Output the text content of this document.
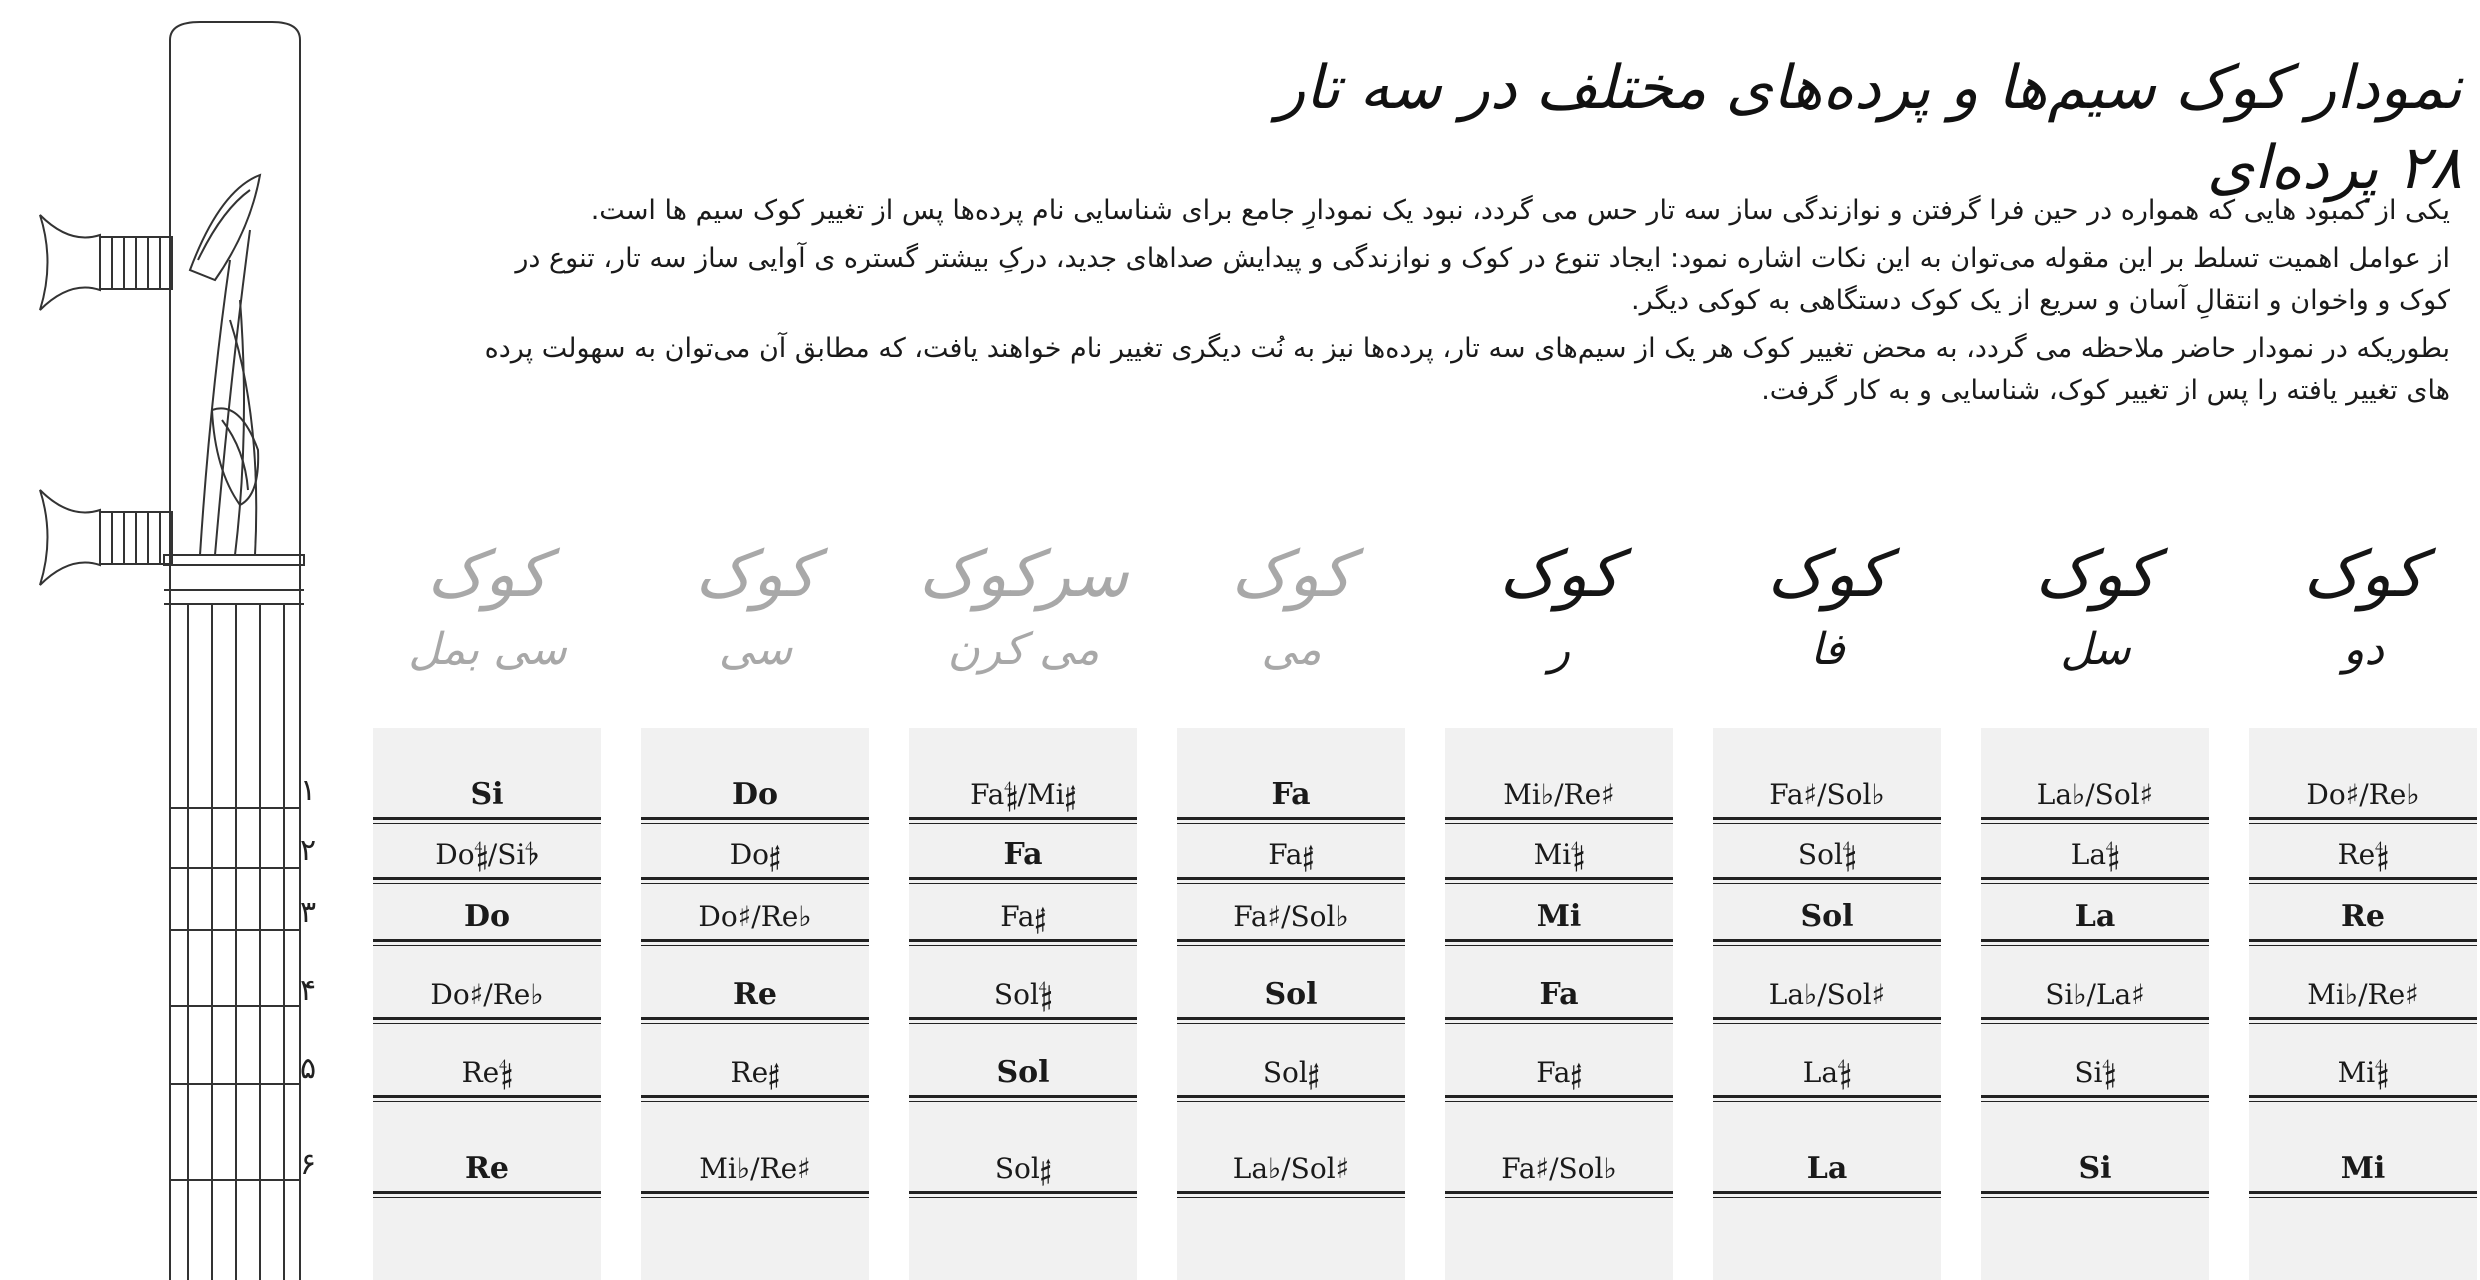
نمودار کوک سیم‌ها و پرده‌های مختلف در سه تار ۲۸ پرده‌ای

یکی از کمبود هایی که همواره در حین فرا گرفتن و نوازندگی ساز سه تار حس می گردد، نبود یک نمودارِ جامع برای شناسایی نام پرده‌ها پس از تغییر کوک سیم ها است.

از عوامل اهمیت تسلط بر این مقوله می‌توان به این نکات اشاره نمود: ایجاد تنوع در کوک و نوازندگی و پیدایش صداهای جدید، درکِ بیشتر گستره ی آوایی ساز سه تار، تنوع در کوک و واخوان و انتقالِ آسان و سریع از یک کوک دستگاهی به کوکی دیگر.

بطوریکه در نمودار حاضر ملاحظه می گردد، به محض تغییر کوک هر یک از سیم‌های سه تار، پرده‌ها نیز به نُت دیگری تغییر نام خواهند یافت، که مطابق آن می‌توان به سهولت پرده های تغییر یافته را پس از تغییر کوک، شناسایی و به کار گرفت.

کوک
سی بمل
Si
Do𝄲/Si𝄳
Do
Do♯/Re♭
Re𝄲
Re
کوک
سی
Do
Do𝄰
Do♯/Re♭
Re
Re𝄰
Mi♭/Re♯
سرکوک
می کرن
Fa𝄲/Mi𝄰
Fa
Fa𝄰
Sol𝄲
Sol
Sol𝄰
کوک
می
Fa
Fa𝄰
Fa♯/Sol♭
Sol
Sol𝄰
La♭/Sol♯
کوک
ر
Mi♭/Re♯
Mi𝄲
Mi
Fa
Fa𝄰
Fa♯/Sol♭
کوک
فا
Fa♯/Sol♭
Sol𝄲
Sol
La♭/Sol♯
La𝄲
La
کوک
سل
La♭/Sol♯
La𝄲
La
Si♭/La♯
Si𝄲
Si
کوک
دو
Do♯/Re♭
Re𝄲
Re
Mi♭/Re♯
Mi𝄲
Mi
۱
۲
۳
۴
۵
۶
